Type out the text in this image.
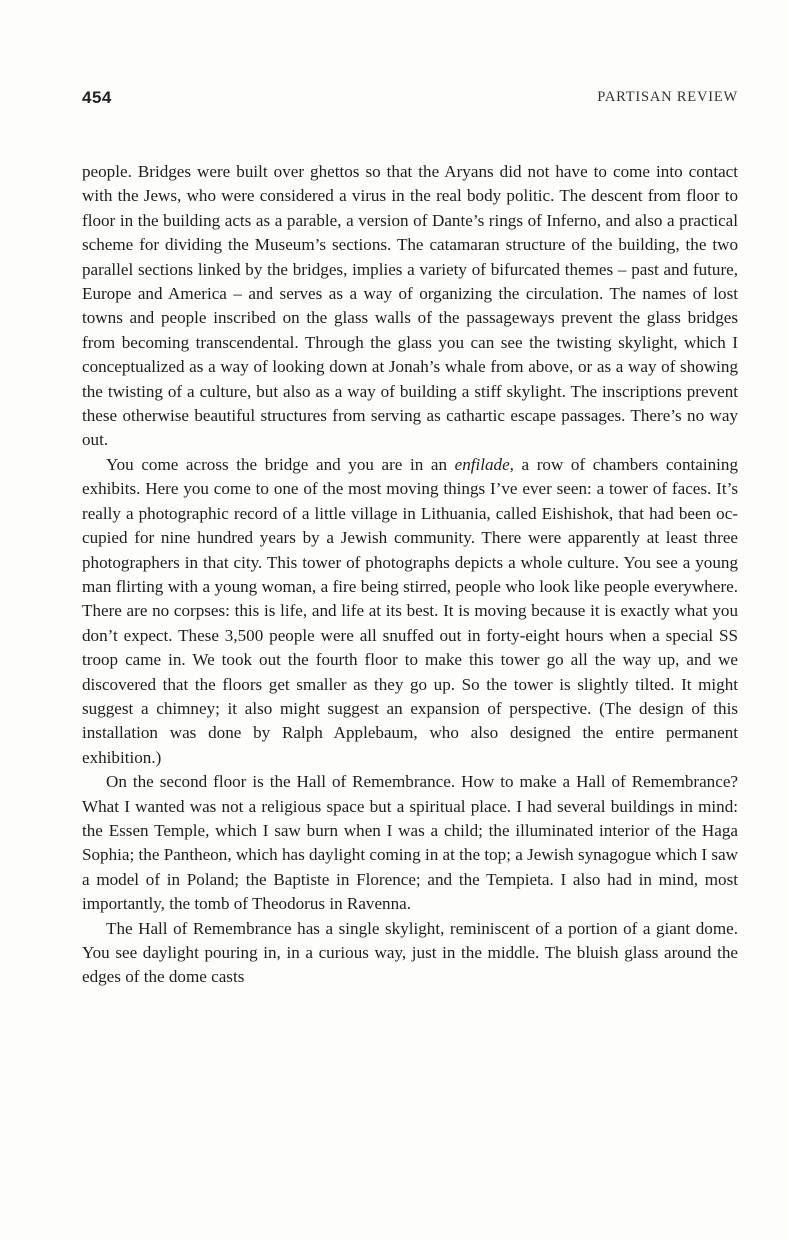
454	PARTISAN REVIEW

people. Bridges were built over ghettos so that the Aryans did not have to come into contact with the Jews, who were considered a virus in the real body politic. The descent from floor to floor in the building acts as a parable, a version of Dante’s rings of Inferno, and also a practical scheme for dividing the Museum’s sections. The catamaran structure of the building, the two parallel sections linked by the bridges, implies a variety of bifurcated themes – past and future, Europe and America – and serves as a way of organizing the circulation. The names of lost towns and people inscribed on the glass walls of the passageways prevent the glass bridges from becoming transcendental. Through the glass you can see the twisting skylight, which I conceptualized as a way of looking down at Jonah’s whale from above, or as a way of showing the twisting of a culture, but also as a way of building a stiff skylight. The inscriptions prevent these otherwise beautiful structures from serving as cathartic escape passages. There’s no way out.

You come across the bridge and you are in an enfilade, a row of chambers containing exhibits. Here you come to one of the most moving things I’ve ever seen: a tower of faces. It’s really a photographic record of a little village in Lithuania, called Eishishok, that had been occupied for nine hundred years by a Jewish community. There were apparently at least three photographers in that city. This tower of photographs depicts a whole culture. You see a young man flirting with a young woman, a fire being stirred, people who look like people everywhere. There are no corpses: this is life, and life at its best. It is moving because it is exactly what you don’t expect. These 3,500 people were all snuffed out in forty-eight hours when a special SS troop came in. We took out the fourth floor to make this tower go all the way up, and we discovered that the floors get smaller as they go up. So the tower is slightly tilted. It might suggest a chimney; it also might suggest an expansion of perspective. (The design of this installation was done by Ralph Applebaum, who also designed the entire permanent exhibition.)

On the second floor is the Hall of Remembrance. How to make a Hall of Remembrance? What I wanted was not a religious space but a spiritual place. I had several buildings in mind: the Essen Temple, which I saw burn when I was a child; the illuminated interior of the Haga Sophia; the Pantheon, which has daylight coming in at the top; a Jewish synagogue which I saw a model of in Poland; the Baptiste in Florence; and the Tempieta. I also had in mind, most importantly, the tomb of Theodorus in Ravenna.

The Hall of Remembrance has a single skylight, reminiscent of a portion of a giant dome. You see daylight pouring in, in a curious way, just in the middle. The bluish glass around the edges of the dome casts
